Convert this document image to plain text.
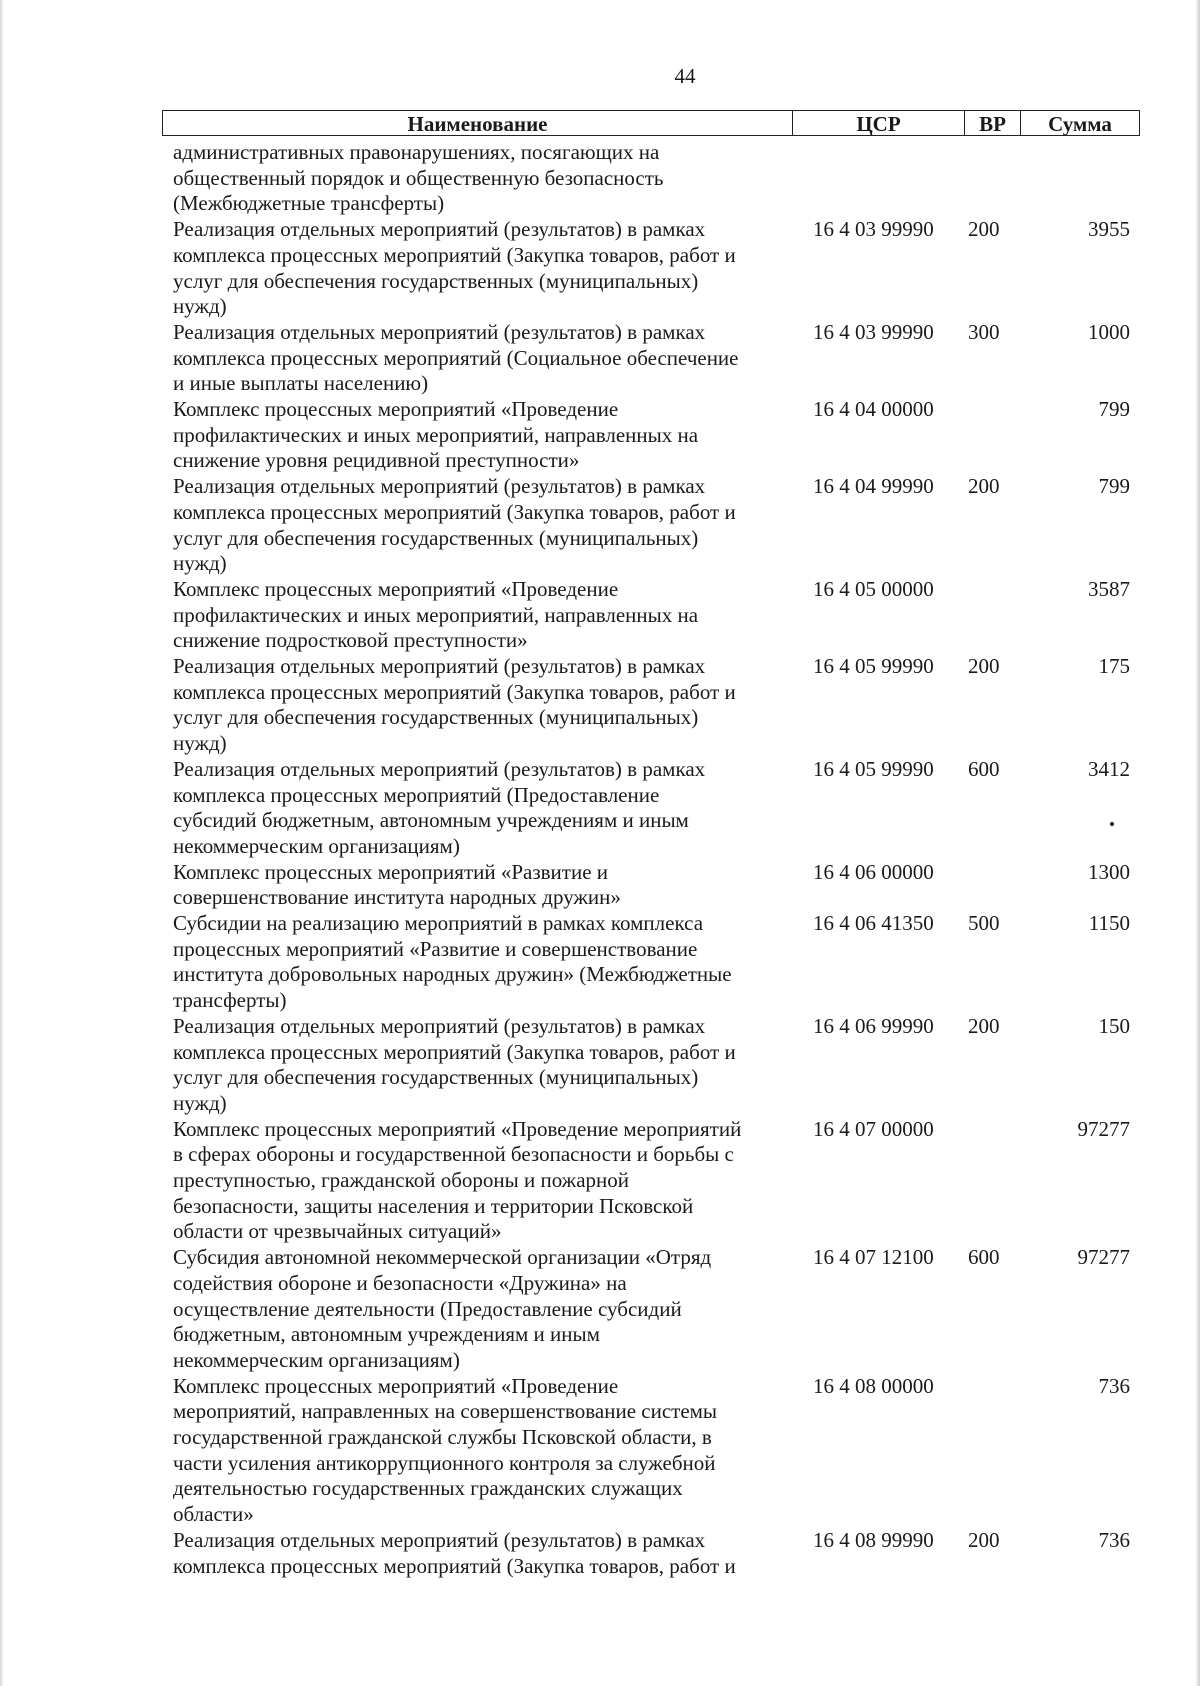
44
Наименование	ЦСР	ВР	Сумма
административных правонарушениях, посягающих на
общественный порядок и общественную безопасность
(Межбюджетные трансферты)
Реализация отдельных мероприятий (результатов) в рамках
комплекса процессных мероприятий (Закупка товаров, работ и
услуг для обеспечения государственных (муниципальных)
нужд)
16 4 03 99990 200	3955
Реализация отдельных мероприятий (результатов) в рамках
комплекса процессных мероприятий (Социальное обеспечение
и иные выплаты населению)
16 4 03 99990 300	1000
Комплекс процессных мероприятий «Проведение
профилактических и иных мероприятий, направленных на
снижение уровня рецидивной преступности»
16 4 04 00000	799
Реализация отдельных мероприятий (результатов) в рамках
комплекса процессных мероприятий (Закупка товаров, работ и
услуг для обеспечения государственных (муниципальных)
нужд)
16 4 04 99990 200	799
Комплекс процессных мероприятий «Проведение
профилактических и иных мероприятий, направленных на
снижение подростковой преступности»
16 4 05 00000	3587
Реализация отдельных мероприятий (результатов) в рамках
комплекса процессных мероприятий (Закупка товаров, работ и
услуг для обеспечения государственных (муниципальных)
нужд)
16 4 05 99990 200	175
Реализация отдельных мероприятий (результатов) в рамках
комплекса процессных мероприятий (Предоставление
субсидий бюджетным, автономным учреждениям и иным
некоммерческим организациям)
16 4 05 99990 600	3412
Комплекс процессных мероприятий «Развитие и
совершенствование института народных дружин»
16 4 06 00000	1300
Субсидии на реализацию мероприятий в рамках комплекса
процессных мероприятий «Развитие и совершенствование
института добровольных народных дружин» (Межбюджетные
трансферты)
16 4 06 41350 500	1150
Реализация отдельных мероприятий (результатов) в рамках
комплекса процессных мероприятий (Закупка товаров, работ и
услуг для обеспечения государственных (муниципальных)
нужд)
16 4 06 99990 200	150
Комплекс процессных мероприятий «Проведение мероприятий
в сферах обороны и государственной безопасности и борьбы с
преступностью, гражданской обороны и пожарной
безопасности, защиты населения и территории Псковской
области от чрезвычайных ситуаций»
16 4 07 00000	97277
Субсидия автономной некоммерческой организации «Отряд
содействия обороне и безопасности «Дружина» на
осуществление деятельности (Предоставление субсидий
бюджетным, автономным учреждениям и иным
некоммерческим организациям)
16 4 07 12100 600	97277
Комплекс процессных мероприятий «Проведение
мероприятий, направленных на совершенствование системы
государственной гражданской службы Псковской области, в
части усиления антикоррупционного контроля за служебной
деятельностью государственных гражданских служащих
области»
16 4 08 00000	736
Реализация отдельных мероприятий (результатов) в рамках
комплекса процессных мероприятий (Закупка товаров, работ и
16 4 08 99990 200	736
